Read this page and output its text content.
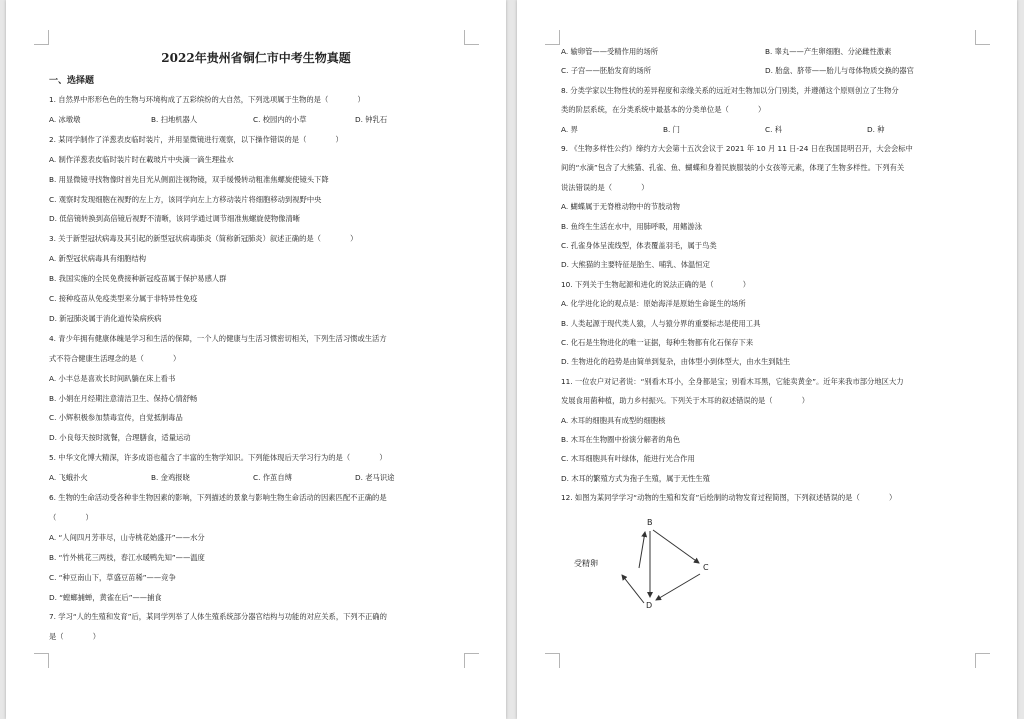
2022年贵州省铜仁市中考生物真题
一、选择题
1. 自然界中形形色色的生物与环境构成了五彩缤纷的大自然，下列选项属于生物的是（　　　　）
A. 冰墩墩	B. 扫地机器人	C. 校园内的小草	D. 钟乳石
2. 某同学制作了洋葱表皮临时装片，并用显微镜进行观察，以下操作错误的是（　　　　）
A. 制作洋葱表皮临时装片时在載玻片中央滴一滴生理盐水
B. 用显微镜寻找物像时首先目光从侧面注视物镜，双手缓慢转动粗准焦螺旋使镜头下降
C. 观察时发现细胞在视野的左上方，该同学向左上方移动装片将细胞移动到视野中央
D. 低倍镜转换到高倍镜后视野不清晰，该同学通过调节细准焦螺旋使物像清晰
3. 关于新型冠状病毒及其引起的新型冠状病毒肺炎（简称新冠肺炎）叙述正确的是（　　　　）
A. 新型冠状病毒具有细胞结构
B. 我国实施的全民免费接种新冠疫苗属于保护易感人群
C. 接种疫苗从免疫类型来分属于非特异性免疫
D. 新冠肺炎属于消化道传染病疾病
4. 青少年拥有健康体魄是学习和生活的保障，一个人的健康与生活习惯密切相关，下列生活习惯或生活方
式不符合健康生活理念的是（　　　　）
A. 小丰总是喜欢长时间趴躺在床上看书
B. 小娟在月经期注意清洁卫生、保持心情舒畅
C. 小辉积极参加禁毒宣传，自觉抵制毒品
D. 小良每天按时就餐，合理膳食，适量运动
5. 中华文化博大精深，许多成语也蕴含了丰富的生物学知识。下列能体现后天学习行为的是（　　　　）
A. 飞蛾扑火	B. 金鸡报晓	C. 作茧自缚	D. 老马识途
6. 生物的生命活动受各种非生物因素的影响，下列描述的景象与影响生物生命活动的因素匹配不正确的是
（　　　　）
A. “人间四月芳菲尽，山寺桃花始盛开”——水分
B. “竹外桃花三两枝，春江水暖鸭先知”——温度
C. “种豆南山下，草盛豆苗稀”——竞争
D. “螳螂捕蝉，黄雀在后”——捕食
7. 学习“人的生殖和发育”后，某同学列举了人体生殖系统部分器官结构与功能的对应关系，下列不正确的
是（　　　　）
A. 输卵管——受精作用的场所	B. 睾丸——产生卵细胞、分泌雌性激素
C. 子宫——胚胎发育的场所	D. 胎盘、脐带——胎儿与母体物质交换的器官
8. 分类学家以生物性状的差异程度和亲缘关系的远近对生物加以分门别类，并遵循这个原则创立了生物分
类的阶层系统，在分类系统中最基本的分类单位是（　　　　）
A. 界	B. 门	C. 科	D. 种
9. 《生物多样性公约》缔约方大会第十五次会议于 2021 年 10 月 11 日-24 日在我国昆明召开，大会会标中
间的“水滴”包含了大熊猫、孔雀、鱼、蝴蝶和身着民族服装的小女孩等元素，体现了生物多样性。下列有关
说法错误的是（　　　　）
A. 蝴蝶属于无脊椎动物中的节肢动物
B. 鱼终生生活在水中，用肺呼吸，用鳍游泳
C. 孔雀身体呈流线型，体表覆盖羽毛，属于鸟类
D. 大熊猫的主要特征是胎生、哺乳、体温恒定
10. 下列关于生物起源和进化的说法正确的是（　　　　）
A. 化学进化论的观点是：原始海洋是原始生命诞生的场所
B. 人类起源于现代类人猿，人与猿分界的重要标志是使用工具
C. 化石是生物进化的唯一证据，每种生物都有化石保存下来
D. 生物进化的趋势是由简单到复杂，由体型小到体型大，由水生到陆生
11. 一位农户对记者说：“别看木耳小，全身都是宝；别看木耳黑，它能卖黄金”。近年来我市部分地区大力
发展食用菌种植，助力乡村振兴。下列关于木耳的叙述错误的是（　　　　）
A. 木耳的细胞具有成型的细胞核
B. 木耳在生物圈中扮演分解者的角色
C. 木耳细胞具有叶绿体，能进行光合作用
D. 木耳的繁殖方式为孢子生殖，属于无性生殖
12. 如图为某同学学习“动物的生殖和发育”后绘制的动物发育过程简图，下列叙述错误的是（　　　　）
B
C
D
受精卵
